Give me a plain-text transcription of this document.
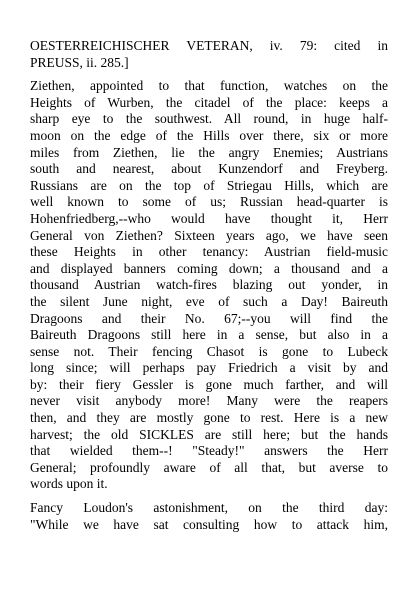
OESTERREICHISCHER VETERAN, iv. 79: cited in
PREUSS, ii. 285.]

Ziethen, appointed to that function, watches on the
Heights of Wurben, the citadel of the place: keeps a
sharp eye to the southwest. All round, in huge half-
moon on the edge of the Hills over there, six or more
miles from Ziethen, lie the angry Enemies; Austrians
south and nearest, about Kunzendorf and Freyberg.
Russians are on the top of Striegau Hills, which are
well known to some of us; Russian head-quarter is
Hohenfriedberg,--who would have thought it, Herr
General von Ziethen? Sixteen years ago, we have seen
these Heights in other tenancy: Austrian field-music
and displayed banners coming down; a thousand and a
thousand Austrian watch-fires blazing out yonder, in
the silent June night, eve of such a Day! Baireuth
Dragoons and their No. 67;--you will find the
Baireuth Dragoons still here in a sense, but also in a
sense not. Their fencing Chasot is gone to Lubeck
long since; will perhaps pay Friedrich a visit by and
by: their fiery Gessler is gone much farther, and will
never visit anybody more! Many were the reapers
then, and they are mostly gone to rest. Here is a new
harvest; the old SICKLES are still here; but the hands
that wielded them--! "Steady!" answers the Herr
General; profoundly aware of all that, but averse to
words upon it.

Fancy Loudon's astonishment, on the third day:
"While we have sat consulting how to attack him,
